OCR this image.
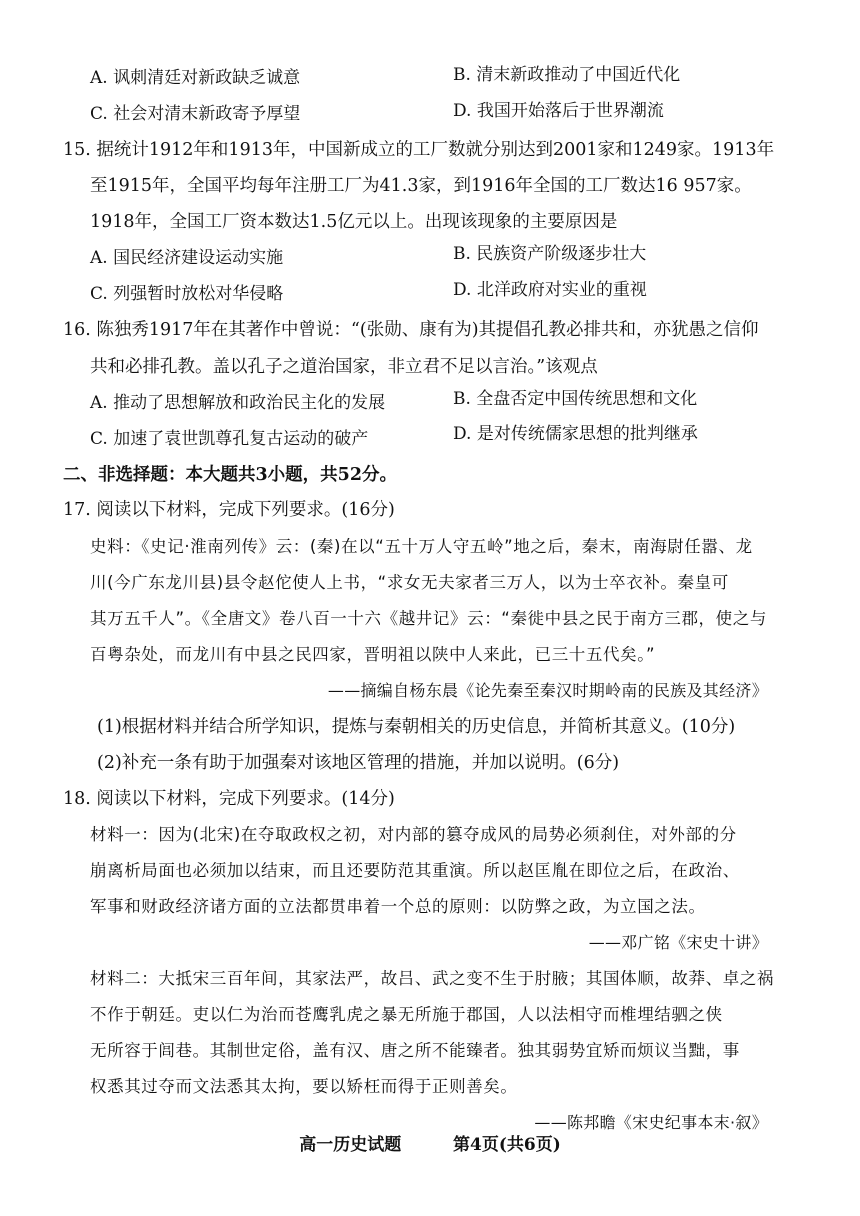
A. 讽刺清廷对新政缺乏诚意	B. 清末新政推动了中国近代化
C. 社会对清末新政寄予厚望	D. 我国开始落后于世界潮流
15. 据统计1912年和1913年，中国新成立的工厂数就分别达到2001家和1249家。1913年
至1915年，全国平均每年注册工厂为41.3家，到1916年全国的工厂数达16 957家。
1918年，全国工厂资本数达1.5亿元以上。出现该现象的主要原因是
A. 国民经济建设运动实施	B. 民族资产阶级逐步壮大
C. 列强暂时放松对华侵略	D. 北洋政府对实业的重视
16. 陈独秀1917年在其著作中曾说：“(张勋、康有为)其提倡孔教必排共和，亦犹愚之信仰
共和必排孔教。盖以孔子之道治国家，非立君不足以言治。”该观点
A. 推动了思想解放和政治民主化的发展	B. 全盘否定中国传统思想和文化
C. 加速了袁世凯尊孔复古运动的破产	D. 是对传统儒家思想的批判继承
二、非选择题：本大题共3小题，共52分。
17. 阅读以下材料，完成下列要求。(16分)
史料：《史记·淮南列传》云：(秦)在以“五十万人守五岭”地之后，秦末，南海尉任嚣、龙
川(今广东龙川县)县令赵佗使人上书，“求女无夫家者三万人，以为士卒衣补。秦皇可
其万五千人”。《全唐文》卷八百一十六《越井记》云：“秦徙中县之民于南方三郡，使之与
百粤杂处，而龙川有中县之民四家，晋明祖以陕中人来此，已三十五代矣。”
——摘编自杨东晨《论先秦至秦汉时期岭南的民族及其经济》
(1)根据材料并结合所学知识，提炼与秦朝相关的历史信息，并简析其意义。(10分)
(2)补充一条有助于加强秦对该地区管理的措施，并加以说明。(6分)
18. 阅读以下材料，完成下列要求。(14分)
材料一：因为(北宋)在夺取政权之初，对内部的篡夺成风的局势必须刹住，对外部的分
崩离析局面也必须加以结束，而且还要防范其重演。所以赵匡胤在即位之后，在政治、
军事和财政经济诸方面的立法都贯串着一个总的原则：以防弊之政，为立国之法。
——邓广铭《宋史十讲》
材料二：大抵宋三百年间，其家法严，故吕、武之变不生于肘腋；其国体顺，故莽、卓之祸
不作于朝廷。吏以仁为治而苍鹰乳虎之暴无所施于郡国，人以法相守而椎埋结驷之侠
无所容于闾巷。其制世定俗，盖有汉、唐之所不能臻者。独其弱势宜矫而烦议当黜，事
权悉其过夺而文法悉其太拘，要以矫枉而得于正则善矣。
——陈邦瞻《宋史纪事本末·叙》
高一历史试题	第4页(共6页)
